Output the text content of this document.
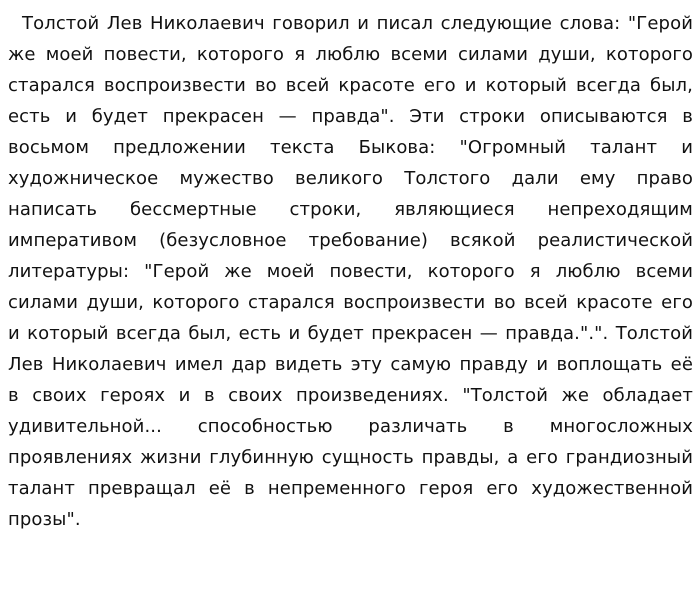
Толстой Лев Николаевич говорил и писал следующие слова: "Герой же моей повести, которого я люблю всеми силами души, которого старался воспроизвести во всей красоте его и который всегда был, есть и будет прекрасен — правда". Эти строки описываются в восьмом предложении текста Быкова: "Огромный талант и художническое мужество великого Толстого дали ему право написать бессмертные строки, являющиеся непреходящим императивом (безусловное требование) всякой реалистической литературы: "Герой же моей повести, которого я люблю всеми силами души, которого старался воспроизвести во всей красоте его и который всегда был, есть и будет прекрасен — правда.".". Толстой Лев Николаевич имел дар видеть эту самую правду и воплощать её в своих героях и в своих произведениях. "Толстой же обладает удивительной... способностью различать в многосложных проявлениях жизни глубинную сущность правды, а его грандиозный талант превращал её в непременного героя его художественной прозы".
